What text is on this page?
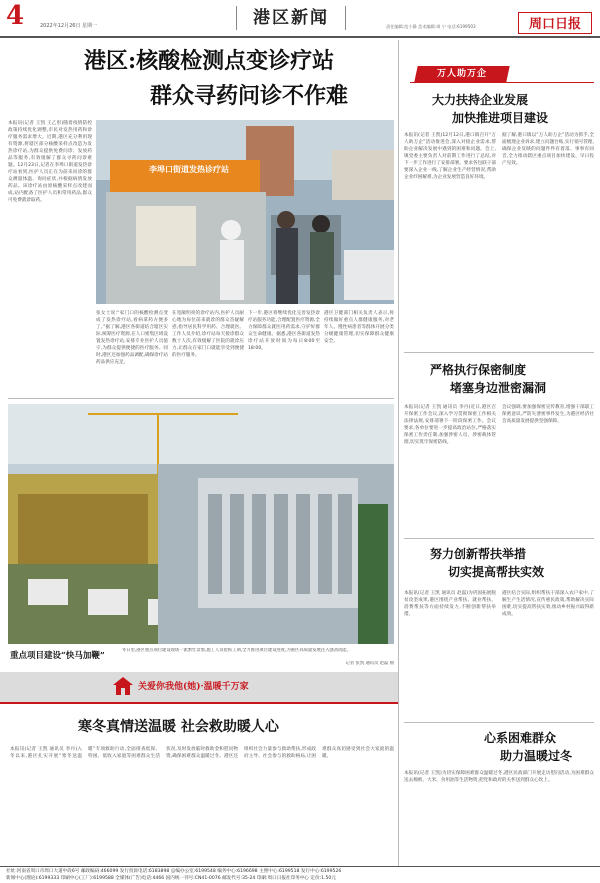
4	2022年12月26日 星期一	港区新闻	责任编辑:范小静 美术编辑:周 宁 电话:6199503	周口日报
港区:核酸检测点变诊疗站
群众寻药问诊不作难
本报讯(记者 王凯 王乙彤)随着疫情防控政策持续优化调整,市民对发热用药和诊疗服务需求增大。近期,港区充分利用现有资源,将辖区部分核酸采样点改造为发热诊疗站,为群众提供免费问诊、发放药品等服务,有效缓解了群众寻药问诊难题。12月23日,记者在李埠口街道发热诊疗站看到,医护人员正在为前来问诊的群众测量体温、询问症状,并根据病情发放药品。该诊疗站由原核酸采样点改建而成,站内配备了医护人员和常用药品,群众可免费就诊取药。
李埠口街道发热诊疗站
张女士说:“家门口的核酸检测点变成了发热诊疗站,看病拿药方便多了。”据了解,港区各街道结合辖区实际,统筹医疗资源,在人口密集区域设置发热诊疗站,安排专业医护人员值守,为群众提供便捷的医疗服务。同时,港区还加强药品调配,确保诊疗站药品供应充足。
在宽敞明亮的诊疗站内,医护人员耐心地为每位前来就诊的群众答疑解惑,指导居民科学用药、合理就医。工作人员介绍,诊疗站每天接诊群众数十人次,有效缓解了医院的就诊压力,让群众在家门口就能享受到便捷的医疗服务。
下一步,港区将继续优化完善发热诊疗站服务功能,合理配置医疗资源,全力保障群众就医用药需求,守护好群众生命健康。据悉,港区各街道发热诊疗站开放时间为每日8:00至18:00。
港区卫健部门相关负责人表示,将持续做好重点人群健康服务,对老年人、慢性病患者等群体开展分类分级健康管理,切实保障群众健康安全。
重点项目建设“快马加鞭”
冬日里,港区重点项目建设现场一派繁忙景象,施工人员抢抓工期,全力推进项目建设进度,为港区高质量发展注入强劲动能。
记者 张凯 通讯员 赵磊 摄
万人助万企
大力扶持企业发展
加快推进项目建设
本报讯(记者 王凯)12月12日,港口镇召开“万人助万企”活动推进会,深入对接企业需求,帮助企业解决发展中遇到的困难和问题。会上,镇党委主要负责人对前期工作进行了总结,对下一步工作进行了安排部署。要求各包联干部要深入企业一线,了解企业生产经营情况,帮助企业纾困解难,为企业发展营造良好环境。
据了解,港口镇以“万人助万企”活动为抓手,全面梳理企业诉求,建立问题台账,实行销号管理,确保企业反映的问题件件有着落、事事有回音,全力推动辖区重点项目加快建设、早日投产见效。
严格执行保密制度
堵塞身边泄密漏洞
本报讯(记者 王凯 通讯员 李丹)近日,港区召开保密工作会议,深入学习贯彻保密工作相关法律法规,安排部署下一阶段保密工作。会议要求,各单位要进一步提高政治站位,严格落实保密工作责任制,加强涉密人员、涉密载体管理,切实筑牢保密防线。
会议强调,要加强保密宣传教育,增强干部职工保密意识,严防失泄密事件发生,为港区经济社会高质量发展提供坚强保障。
努力创新帮扶举措
切实提高帮扶实效
本报讯(记者 王凯 通讯员 赵磊)为巩固拓展脱贫攻坚成果,港区围绕产业帮扶、就业帮扶、消费帮扶等方面持续发力,不断创新帮扶举措。
港区结合实际,组织帮扶干部深入农户家中,了解生产生活情况,宣传惠民政策,帮助解决实际困难,切实提高帮扶实效,推动乡村振兴取得新成效。
心系困难群众
助力温暖过冬
本报讯(记者 王凯)为切实保障困难群众温暖过冬,港区民政部门开展走访慰问活动,为困难群众送去棉被、大米、食用油等生活物资,把党和政府的关怀送到群众心坎上。
关爱你我他(她)·温暖千万家
寒冬真情送温暖 社会救助暖人心
本报讯(记者 王凯 通讯员 李丹)入冬以来,港区扎实开展“寒冬送温暖”专项救助行动,全面排查低保、特困、低收入家庭等困难群众生活状况,及时发放临时救助金和慰问物资,确保困难群众温暖过冬。港区还组织社会力量参与救助帮扶,形成政府主导、社会参与的救助格局,让困难群众真切感受到社会大家庭的温暖。
社址:河南省周口市周口大道中段6号 邮政编码:466099 发行投诉电话:6183898 总编办公室:6199548 编务中心:6196698 主照中心:6199518 发行中心:6199526
新闻中心(理论):6199333 印刷中心(工厂):6199588 全媒体(广告)电话:4466 国内统一刊号:CN41-0076 邮发代号:35-24 印刷:周口日报社印务中心 定价:1.50元
